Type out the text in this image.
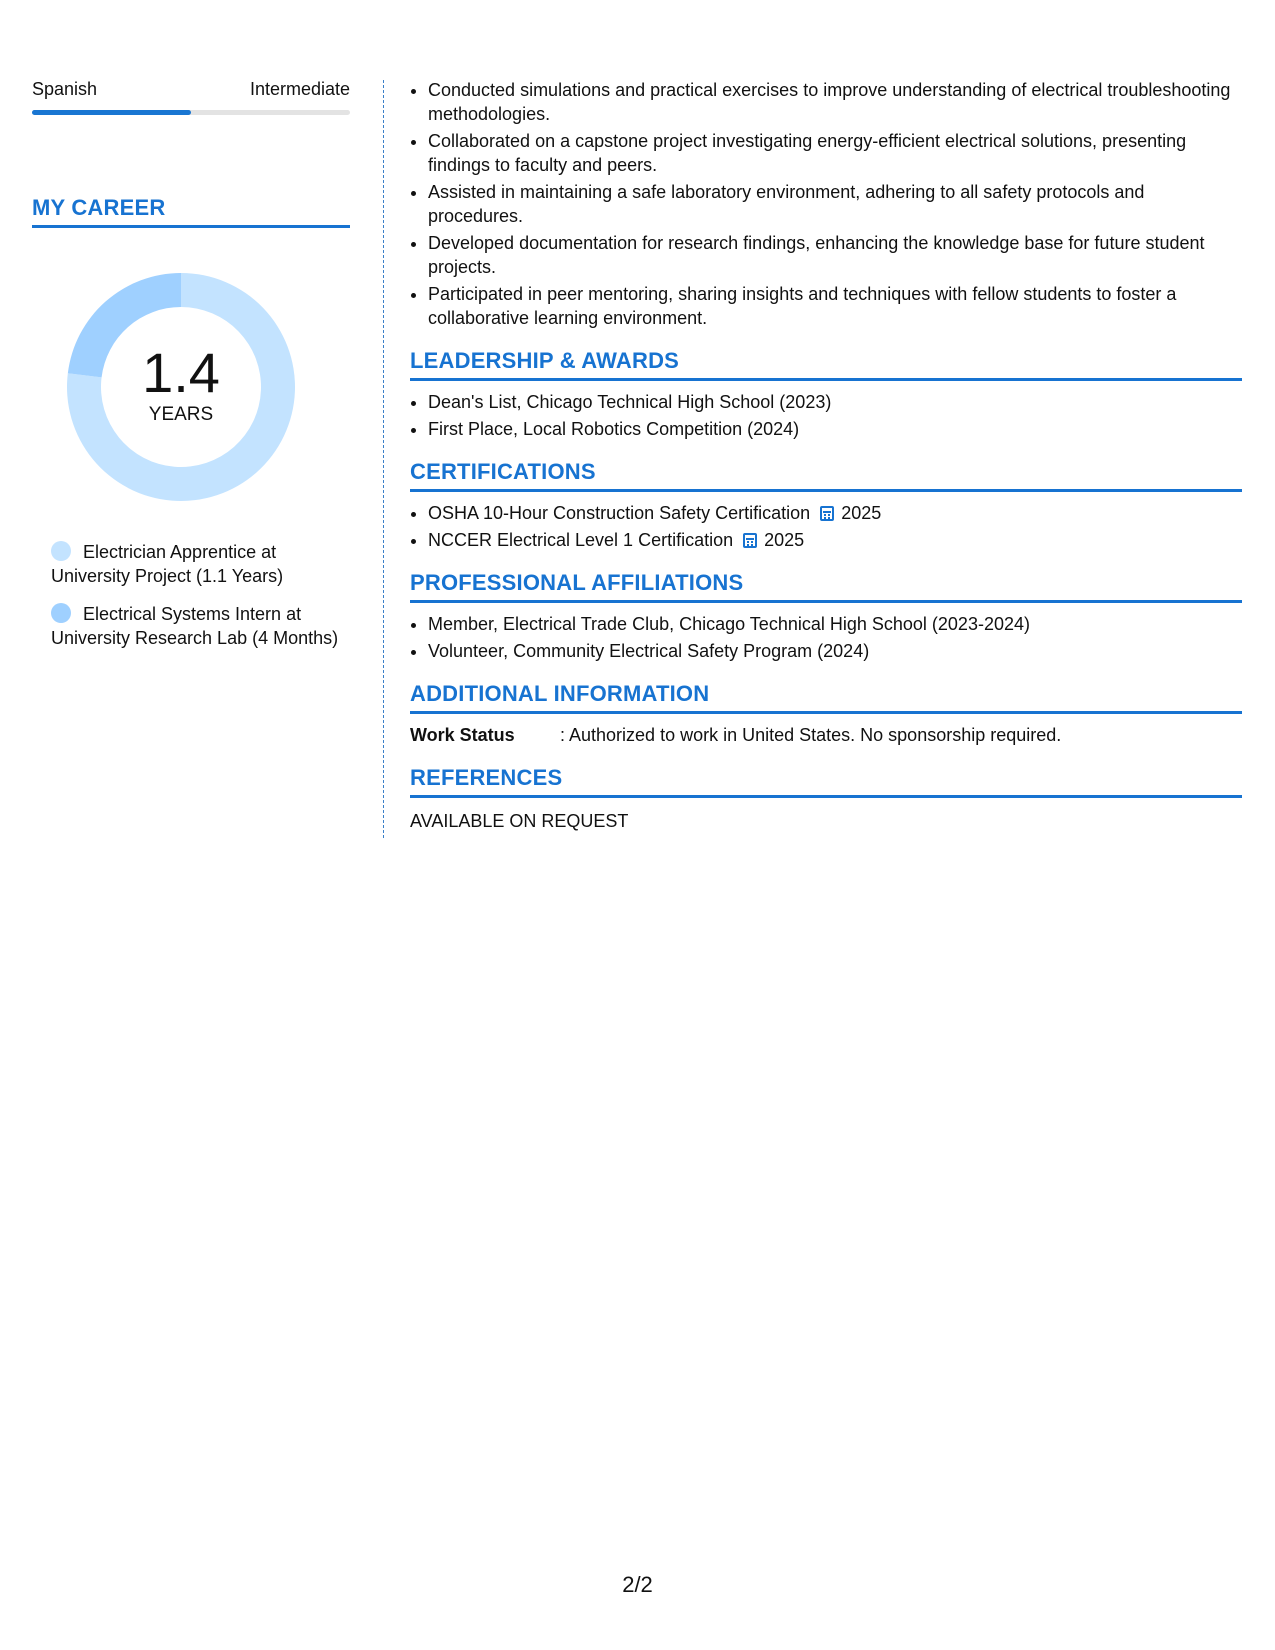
Spanish	Intermediate
MY CAREER
1.4
YEARS
Electrician Apprentice at University Project (1.1 Years)
Electrical Systems Intern at University Research Lab (4 Months)
• Conducted simulations and practical exercises to improve understanding of electrical troubleshooting methodologies.
• Collaborated on a capstone project investigating energy-efficient electrical solutions, presenting findings to faculty and peers.
• Assisted in maintaining a safe laboratory environment, adhering to all safety protocols and procedures.
• Developed documentation for research findings, enhancing the knowledge base for future student projects.
• Participated in peer mentoring, sharing insights and techniques with fellow students to foster a collaborative learning environment.
LEADERSHIP & AWARDS
• Dean's List, Chicago Technical High School (2023)
• First Place, Local Robotics Competition (2024)
CERTIFICATIONS
• OSHA 10-Hour Construction Safety Certification 2025
• NCCER Electrical Level 1 Certification 2025
PROFESSIONAL AFFILIATIONS
• Member, Electrical Trade Club, Chicago Technical High School (2023-2024)
• Volunteer, Community Electrical Safety Program (2024)
ADDITIONAL INFORMATION
Work Status	: Authorized to work in United States. No sponsorship required.
REFERENCES
AVAILABLE ON REQUEST
2/2
